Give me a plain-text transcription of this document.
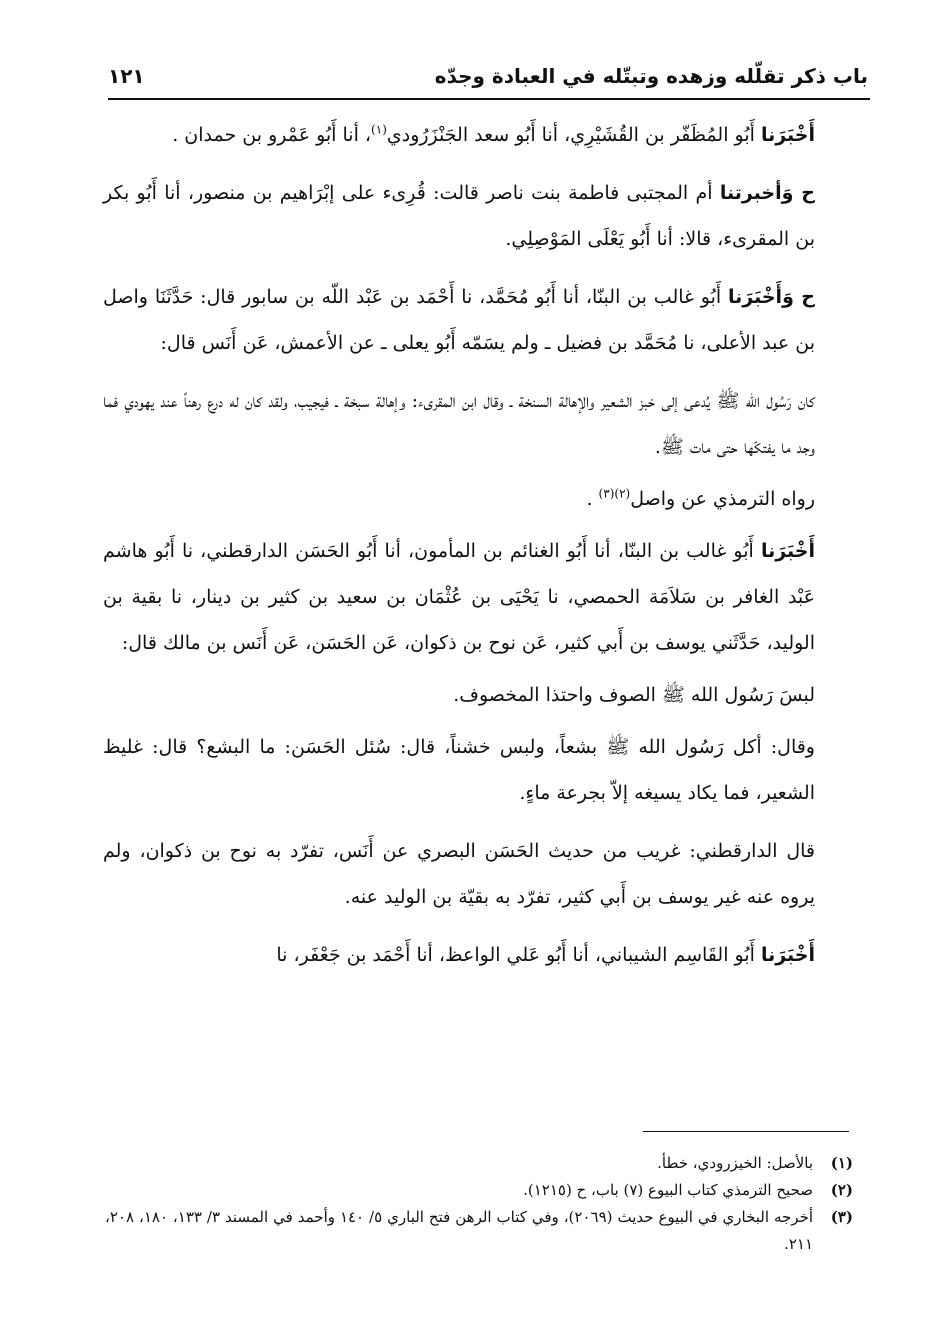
باب ذكر تقلّله وزهده وتبتّله في العبادة وجدّه
١٢١

أَخْبَرَنا أَبُو المُظَفّر بن القُشَيْرِي، أنا أَبُو سعد الجَنْزَرُودي$^{(١)}$، أنا أَبُو عَمْرو بن حمدان .

ح وَأخبرتنا أم المجتبى فاطمة بنت ناصر قالت: قُرِىء على إبْرَاهيم بن منصور، أنا أَبُو بكر بن المقرىء، قالا: أنا أَبُو يَعْلَى المَوْصِلِي.

ح وَأَخْبَرَنا أَبُو غالب بن البنّا، أنا أَبُو مُحَمَّد، نا أَحْمَد بن عَبْد اللّه بن سابور قال: حَدَّثَنَا واصل بن عبد الأعلى، نا مُحَمَّد بن فضيل ـ ولم يسَمّه أَبُو يعلى ـ عن الأعمش، عَن أَنَس قال:

كان رَسُول الله ﷺ يُدعى إلى خبز الشعير والإهالة السنخة ـ وقال ابن المقرىء: وإهالة سبخة ـ فيجيب، ولقد كان له درع رهناً عند يهودي فما وجد ما يفتكّها حتى مات ﷺ.

رواه الترمذي عن واصل$^{(٢)(٣)}$ .

أَخْبَرَنا أَبُو غالب بن البنّا، أنا أَبُو الغنائم بن المأمون، أنا أَبُو الحَسَن الدارقطني، نا أَبُو هاشم عَبْد الغافر بن سَلاَمَة الحمصي، نا يَحْيَى بن عُثْمَان بن سعيد بن كثير بن دينار، نا بقية بن الوليد، حَدَّثَني يوسف بن أَبي كثير، عَن نوح بن ذكوان، عَن الحَسَن، عَن أَنَس بن مالك قال:

لبسَ رَسُول الله ﷺ الصوف واحتذا المخصوف.

وقال: أكل رَسُول الله ﷺ بشعاً، ولبس خشناً، قال: سُئل الحَسَن: ما البشع؟ قال: غليظ الشعير، فما يكاد يسيغه إلاّ بجرعة ماءٍ.

قال الدارقطني: غريب من حديث الحَسَن البصري عن أَنَس، تفرّد به نوح بن ذكوان، ولم يروه عنه غير يوسف بن أَبي كثير، تفرّد به بقيّة بن الوليد عنه.

أَخْبَرَنا أَبُو القَاسِم الشيباني، أنا أَبُو عَلي الواعظ، أنا أَحْمَد بن جَعْفَر، نا

(١)
بالأصل: الخيزرودي، خطأ.
(٢)
صحيح الترمذي كتاب البيوع (٧) باب، ح (١٢١٥).
(٣)
أخرجه البخاري في البيوع حديث (٢٠٦٩)، وفي كتاب الرهن فتح الباري ٥/ ١٤٠ وأحمد في المسند ٣/ ١٣٣، ١٨٠، ٢٠٨، ٢١١.
